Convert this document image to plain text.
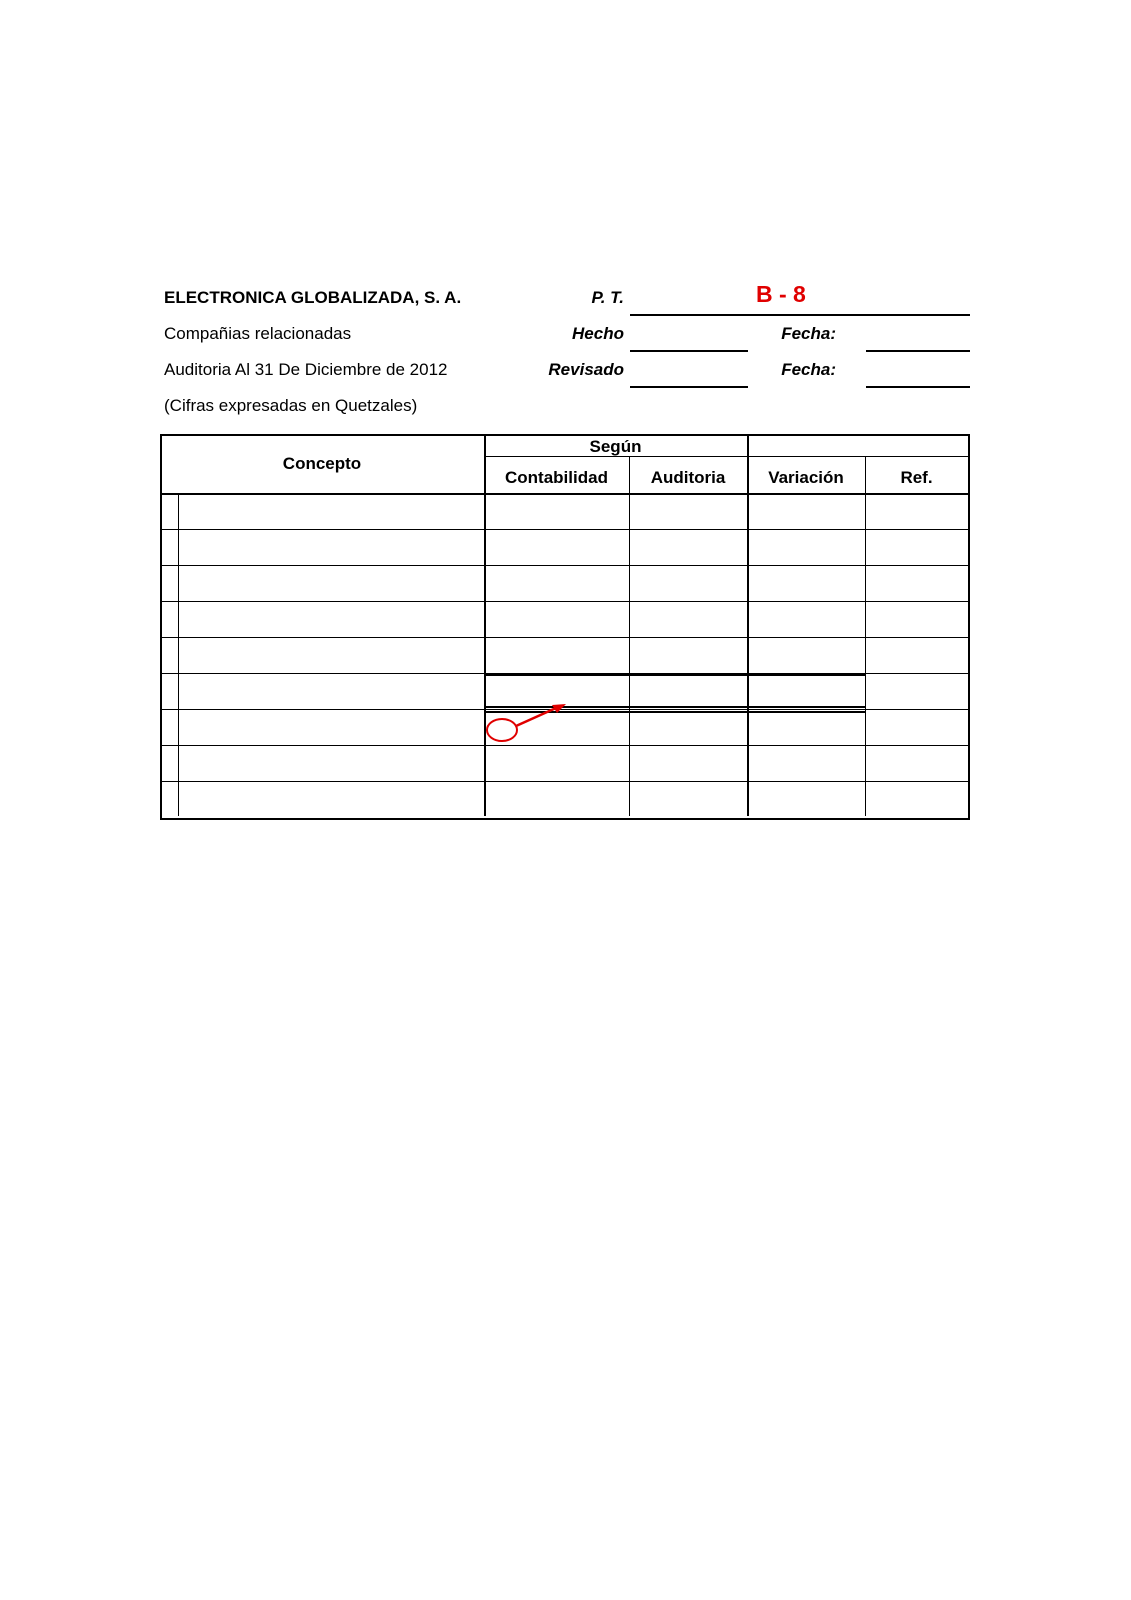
ELECTRONICA GLOBALIZADA, S. A.
Compañias relacionadas
Auditoria Al 31 De Diciembre de 2012
(Cifras expresadas en Quetzales)
P. T.	B - 8
Hecho	Fecha:
Revisado	Fecha:
Concepto
Según
Contabilidad	Auditoria	Variación	Ref.
